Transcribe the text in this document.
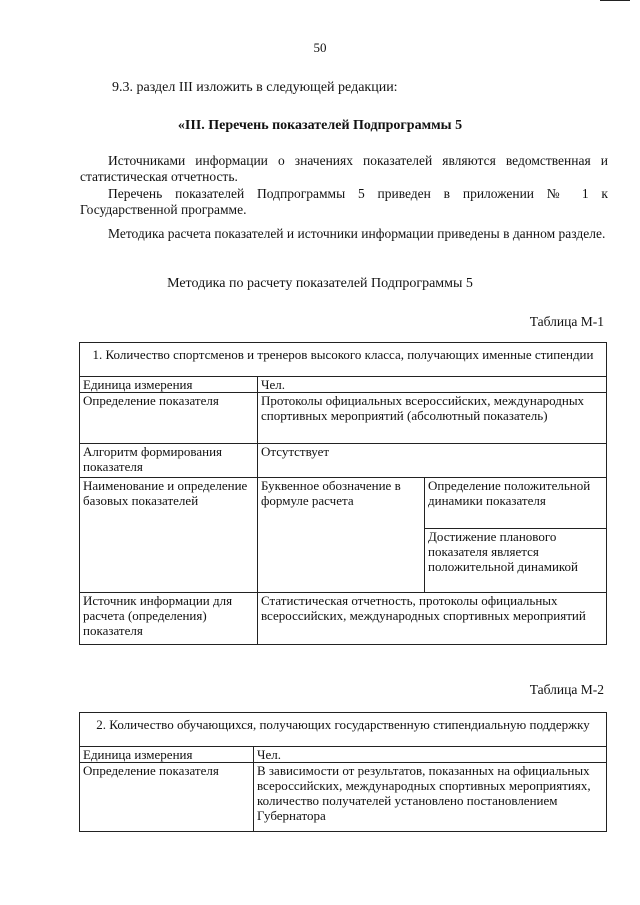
50

9.3. раздел III изложить в следующей редакции:

«III. Перечень показателей Подпрограммы 5

Источниками информации о значениях показателей являются ведомственная и статистическая отчетность.

Перечень показателей Подпрограммы 5 приведен в приложении № 1 к Государственной программе.

Методика расчета показателей и источники информации приведены в данном разделе.

Методика по расчету показателей Подпрограммы 5

Таблица М-1

1. Количество спортсменов и тренеров высокого класса, получающих именные стипендии		
Единица измерения	Чел.	
Определение показателя	Протоколы официальных всероссийских, международных спортивных мероприятий (абсолютный показатель)	
Алгоритм формирования показателя	Отсутствует	
Наименование и определение базовых показателей	Буквенное обозначение в формуле расчета	Определение положительной динамики показателя
		Достижение планового показателя является положительной динамикой
Источник информации для расчета (определения) показателя	Статистическая отчетность, протоколы официальных всероссийских, международных спортивных мероприятий	

Таблица М-2

2. Количество обучающихся, получающих государственную стипендиальную поддержку	
Единица измерения	Чел.
Определение показателя	В зависимости от результатов, показанных на официальных всероссийских, международных спортивных мероприятиях, количество получателей установлено постановлением Губернатора
